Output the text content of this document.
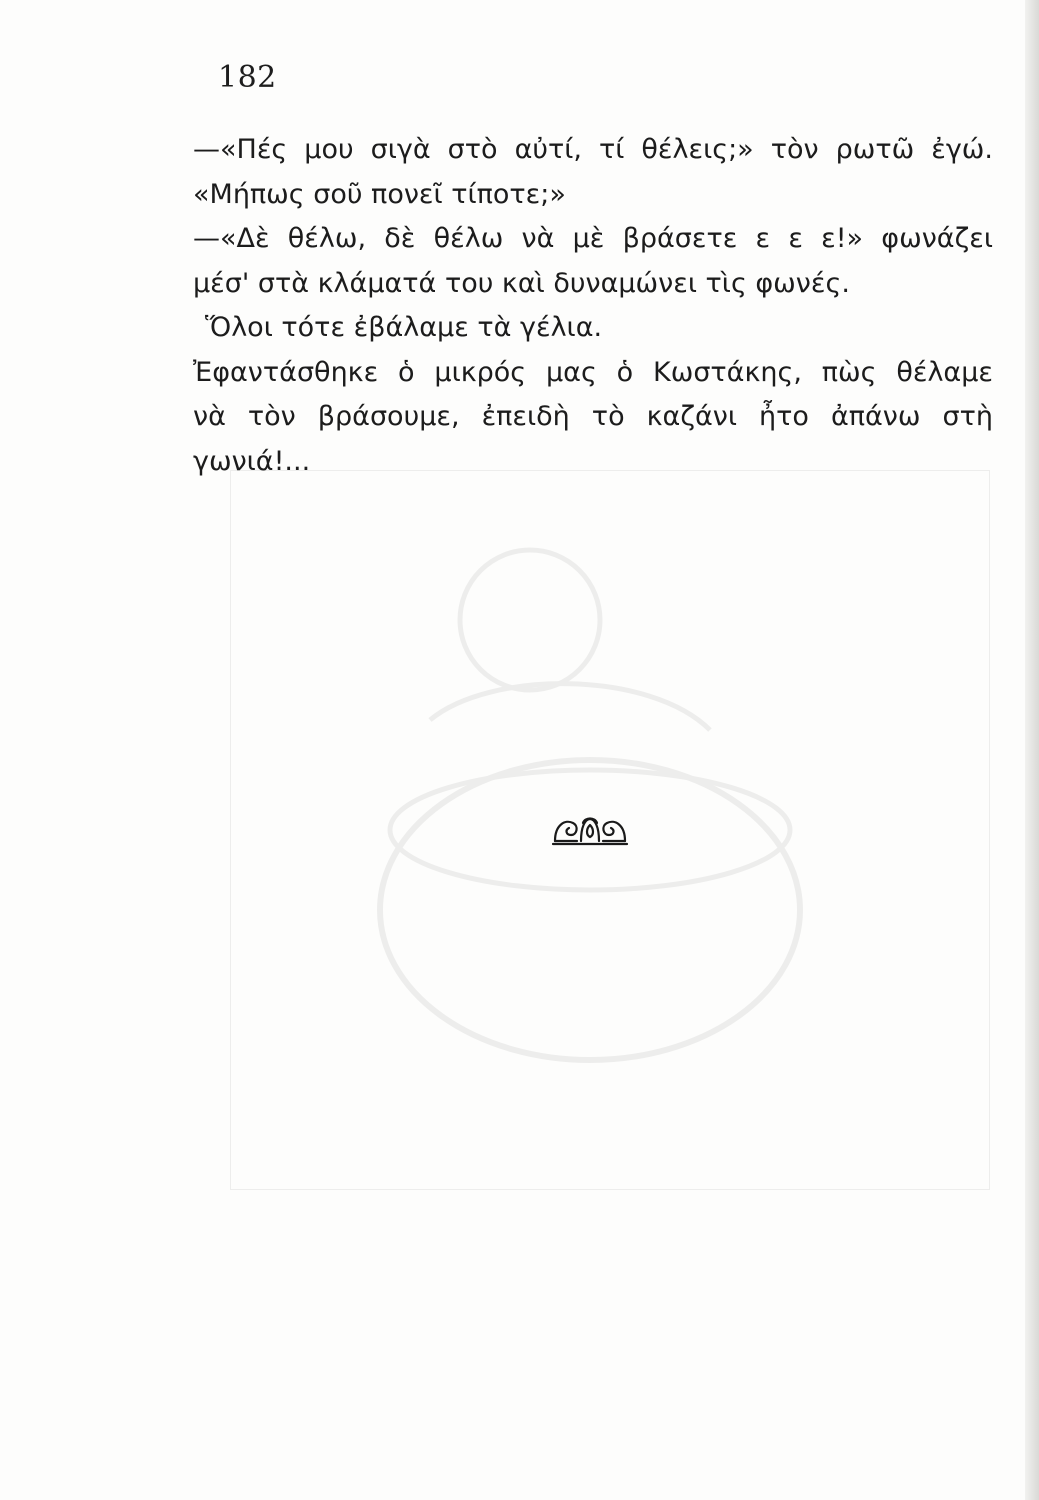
182
—«Πές μου σιγὰ στὸ αὐτί, τί θέλεις;» τὸν ρωτῶ ἐγώ.
«Μήπως σοῦ πονεῖ τίποτε;»
—«Δὲ θέλω, δὲ θέλω νὰ μὲ βράσετε ε ε ε!» φωνάζει
μέσ' στὰ κλάματά του καὶ δυναμώνει τὶς φωνές.
Ὅλοι τότε ἐβάλαμε τὰ γέλια.
Ἐφαντάσθηκε ὁ μικρός μας ὁ Κωστάκης, πὼς θέλαμε
νὰ τὸν βράσουμε, ἐπειδὴ τὸ καζάνι ἦτο ἀπάνω στὴ
γωνιά!...
